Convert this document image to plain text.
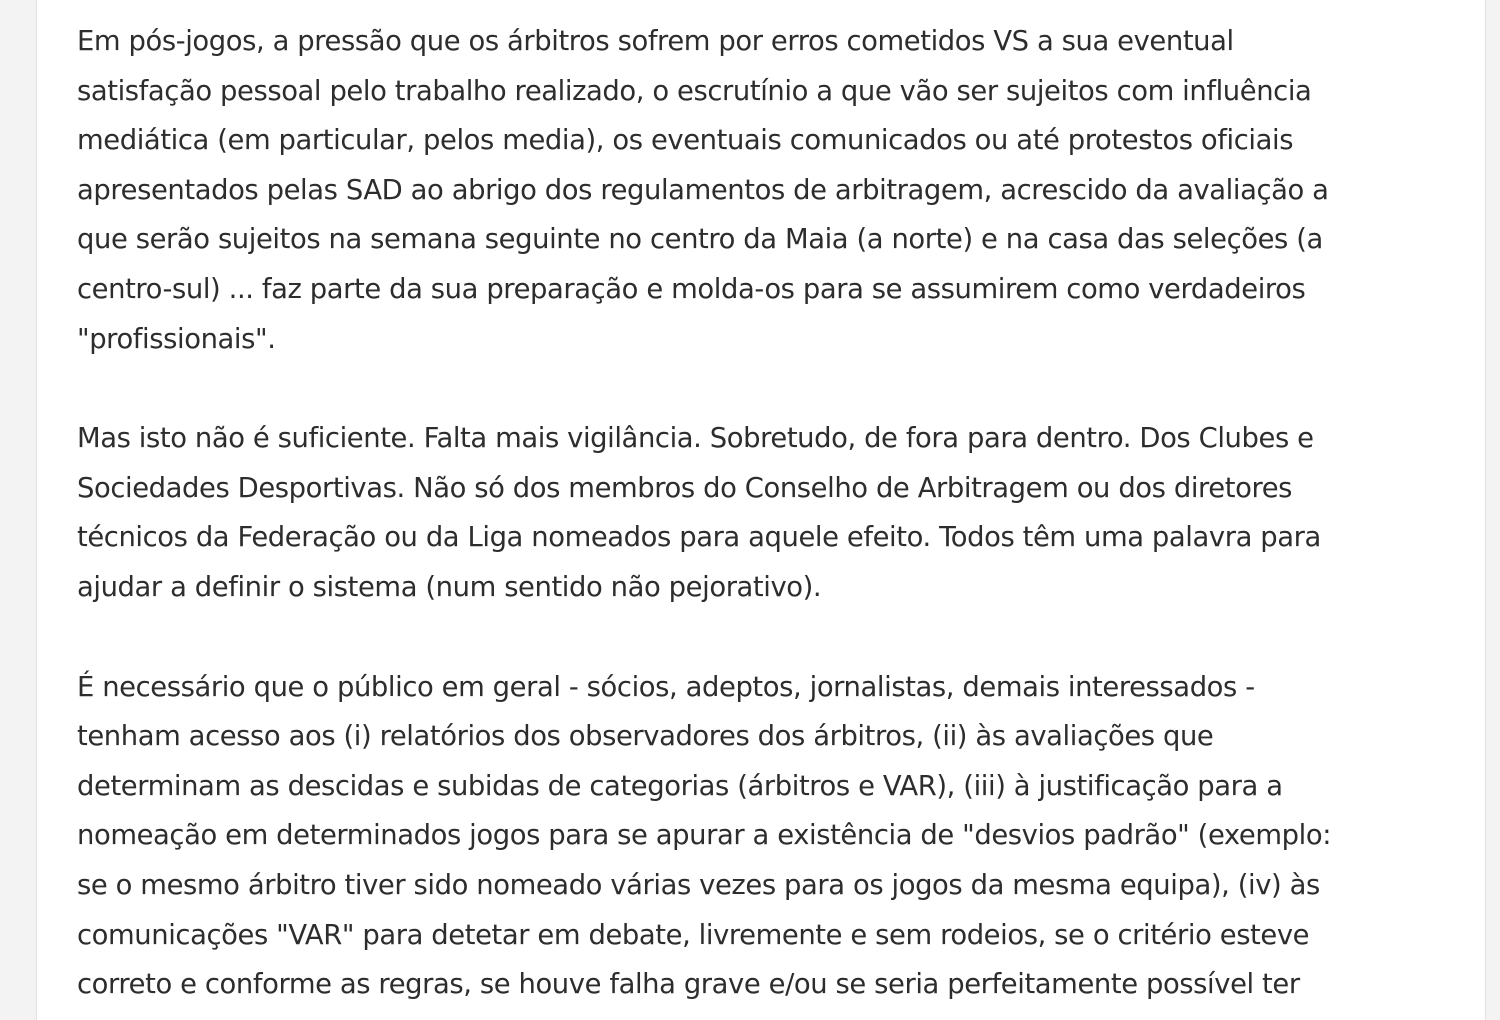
Em pós-jogos, a pressão que os árbitros sofrem por erros cometidos VS a sua eventual
satisfação pessoal pelo trabalho realizado, o escrutínio a que vão ser sujeitos com influência
mediática (em particular, pelos media), os eventuais comunicados ou até protestos oficiais
apresentados pelas SAD ao abrigo dos regulamentos de arbitragem, acrescido da avaliação a
que serão sujeitos na semana seguinte no centro da Maia (a norte) e na casa das seleções (a
centro-sul) ... faz parte da sua preparação e molda-os para se assumirem como verdadeiros
"profissionais".

Mas isto não é suficiente. Falta mais vigilância. Sobretudo, de fora para dentro. Dos Clubes e
Sociedades Desportivas. Não só dos membros do Conselho de Arbitragem ou dos diretores
técnicos da Federação ou da Liga nomeados para aquele efeito. Todos têm uma palavra para
ajudar a definir o sistema (num sentido não pejorativo).

É necessário que o público em geral - sócios, adeptos, jornalistas, demais interessados -
tenham acesso aos (i) relatórios dos observadores dos árbitros, (ii) às avaliações que
determinam as descidas e subidas de categorias (árbitros e VAR), (iii) à justificação para a
nomeação em determinados jogos para se apurar a existência de "desvios padrão" (exemplo:
se o mesmo árbitro tiver sido nomeado várias vezes para os jogos da mesma equipa), (iv) às
comunicações "VAR" para detetar em debate, livremente e sem rodeios, se o critério esteve
correto e conforme as regras, se houve falha grave e/ou se seria perfeitamente possível ter
